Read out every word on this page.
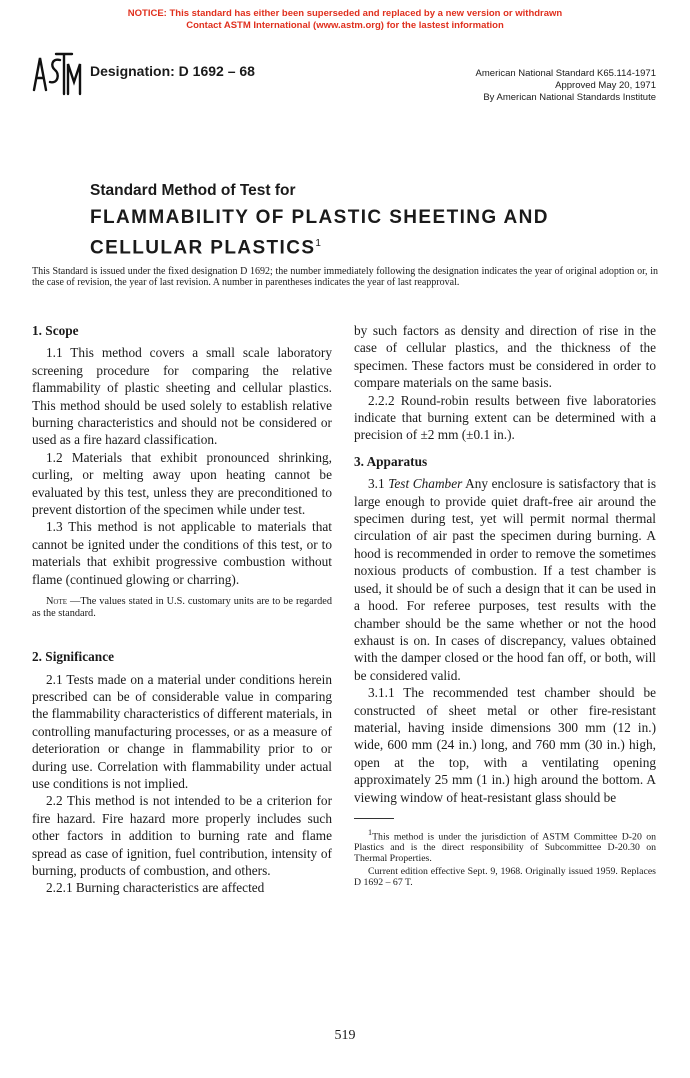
NOTICE: This standard has either been superseded and replaced by a new version or withdrawn
Contact ASTM International (www.astm.org) for the lastest information
Designation: D 1692 – 68	American National Standard K65.114-1971
Approved May 20, 1971
By American National Standards Institute
Standard Method of Test for
FLAMMABILITY OF PLASTIC SHEETING AND
CELLULAR PLASTICS$^1$
This Standard is issued under the fixed designation D 1692; the number immediately following the designation indicates the year of original adoption or, in the case of revision, the year of last revision. A number in parentheses indicates the year of last reapproval.
1. Scope

1.1 This method covers a small scale laboratory screening procedure for comparing the relative flammability of plastic sheeting and cellular plastics. This method should be used solely to establish relative burning characteristics and should not be considered or used as a fire hazard classification.

1.2 Materials that exhibit pronounced shrinking, curling, or melting away upon heating cannot be evaluated by this test, unless they are preconditioned to prevent distortion of the specimen while under test.

1.3 This method is not applicable to materials that cannot be ignited under the conditions of this test, or to materials that exhibit progressive combustion without flame (continued glowing or charring).

Note —The values stated in U.S. customary units are to be regarded as the standard.

2. Significance

2.1 Tests made on a material under conditions herein prescribed can be of considerable value in comparing the flammability characteristics of different materials, in controlling manufacturing processes, or as a measure of deterioration or change in flammability prior to or during use. Correlation with flammability under actual use conditions is not implied.

2.2 This method is not intended to be a criterion for fire hazard. Fire hazard more properly includes such other factors in addition to burning rate and flame spread as case of ignition, fuel contribution, intensity of burning, products of combustion, and others.

2.2.1 Burning characteristics are affected

by such factors as density and direction of rise in the case of cellular plastics, and the thickness of the specimen. These factors must be considered in order to compare materials on the same basis.

2.2.2 Round-robin results between five laboratories indicate that burning extent can be determined with a precision of ±2 mm (±0.1 in.).

3. Apparatus

3.1 Test Chamber Any enclosure is satisfactory that is large enough to provide quiet draft-free air around the specimen during test, yet will permit normal thermal circulation of air past the specimen during burning. A hood is recommended in order to remove the sometimes noxious products of combustion. If a test chamber is used, it should be of such a design that it can be used in a hood. For referee purposes, test results with the chamber should be the same whether or not the hood exhaust is on. In cases of discrepancy, values obtained with the damper closed or the hood fan off, or both, will be considered valid.

3.1.1 The recommended test chamber should be constructed of sheet metal or other fire-resistant material, having inside dimensions 300 mm (12 in.) wide, 600 mm (24 in.) long, and 760 mm (30 in.) high, open at the top, with a ventilating opening approximately 25 mm (1 in.) high around the bottom. A viewing window of heat-resistant glass should be

$^1$This method is under the jurisdiction of ASTM Committee D-20 on Plastics and is the direct responsibility of Subcommittee D-20.30 on Thermal Properties.

Current edition effective Sept. 9, 1968. Originally issued 1959. Replaces D 1692 – 67 T.

519
